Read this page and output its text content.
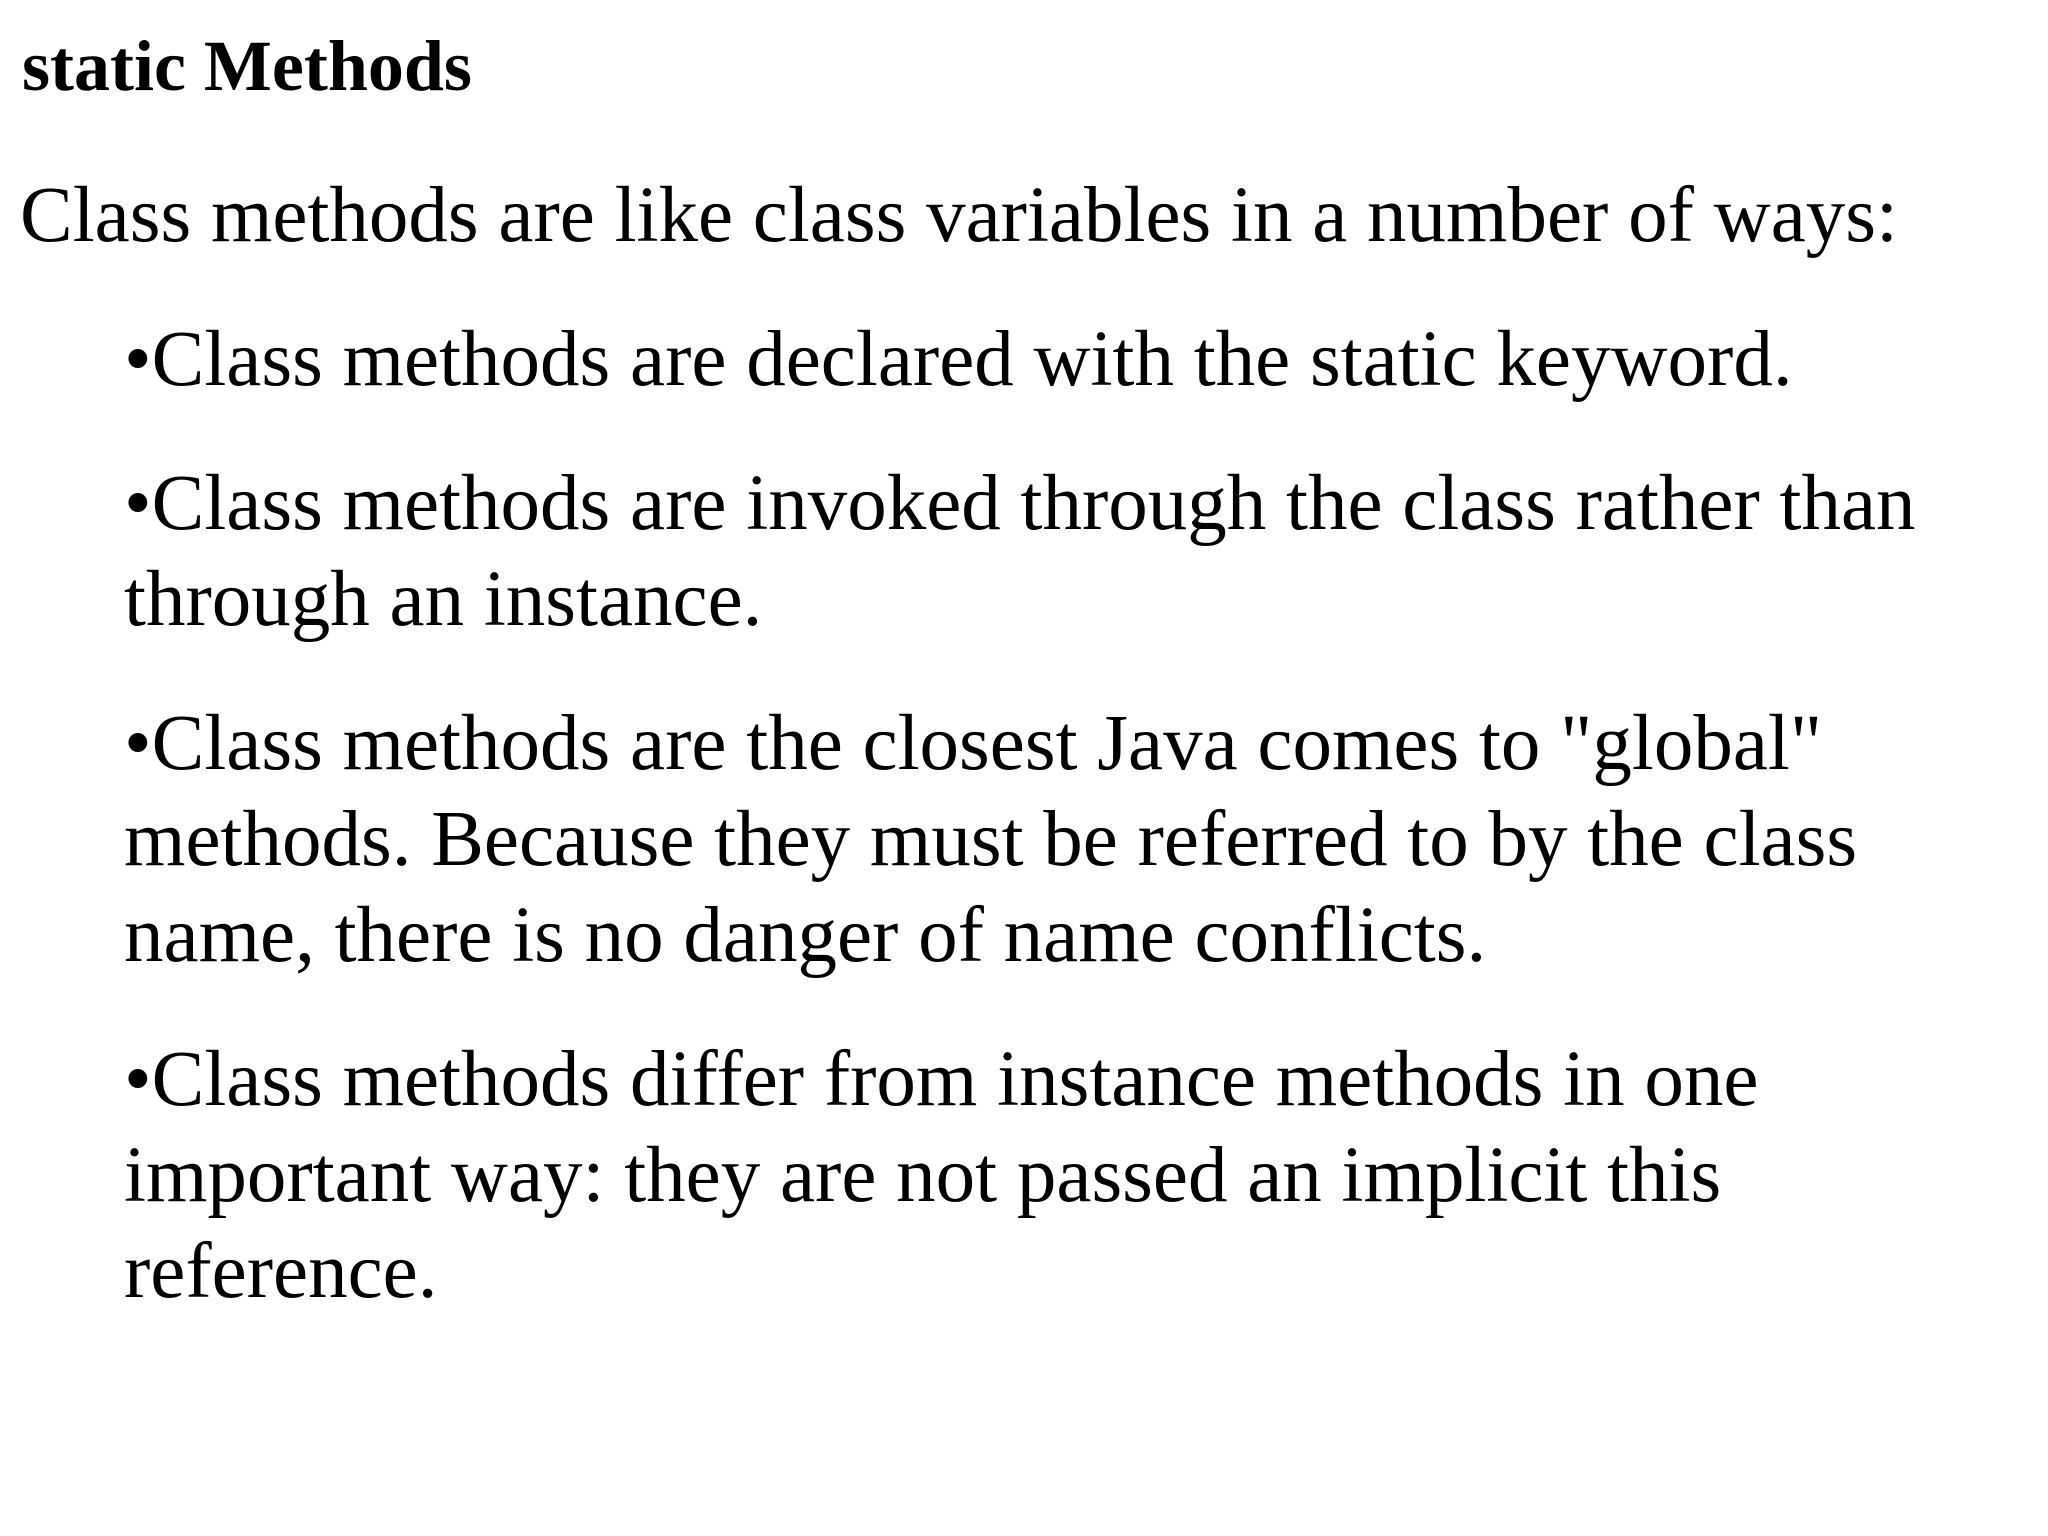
static Methods

Class methods are like class variables in a number of ways:

•Class methods are declared with the static keyword.
•Class methods are invoked through the class rather than
through an instance.
•Class methods are the closest Java comes to "global"
methods. Because they must be referred to by the class
name, there is no danger of name conflicts.
•Class methods differ from instance methods in one
important way: they are not passed an implicit this
reference.
